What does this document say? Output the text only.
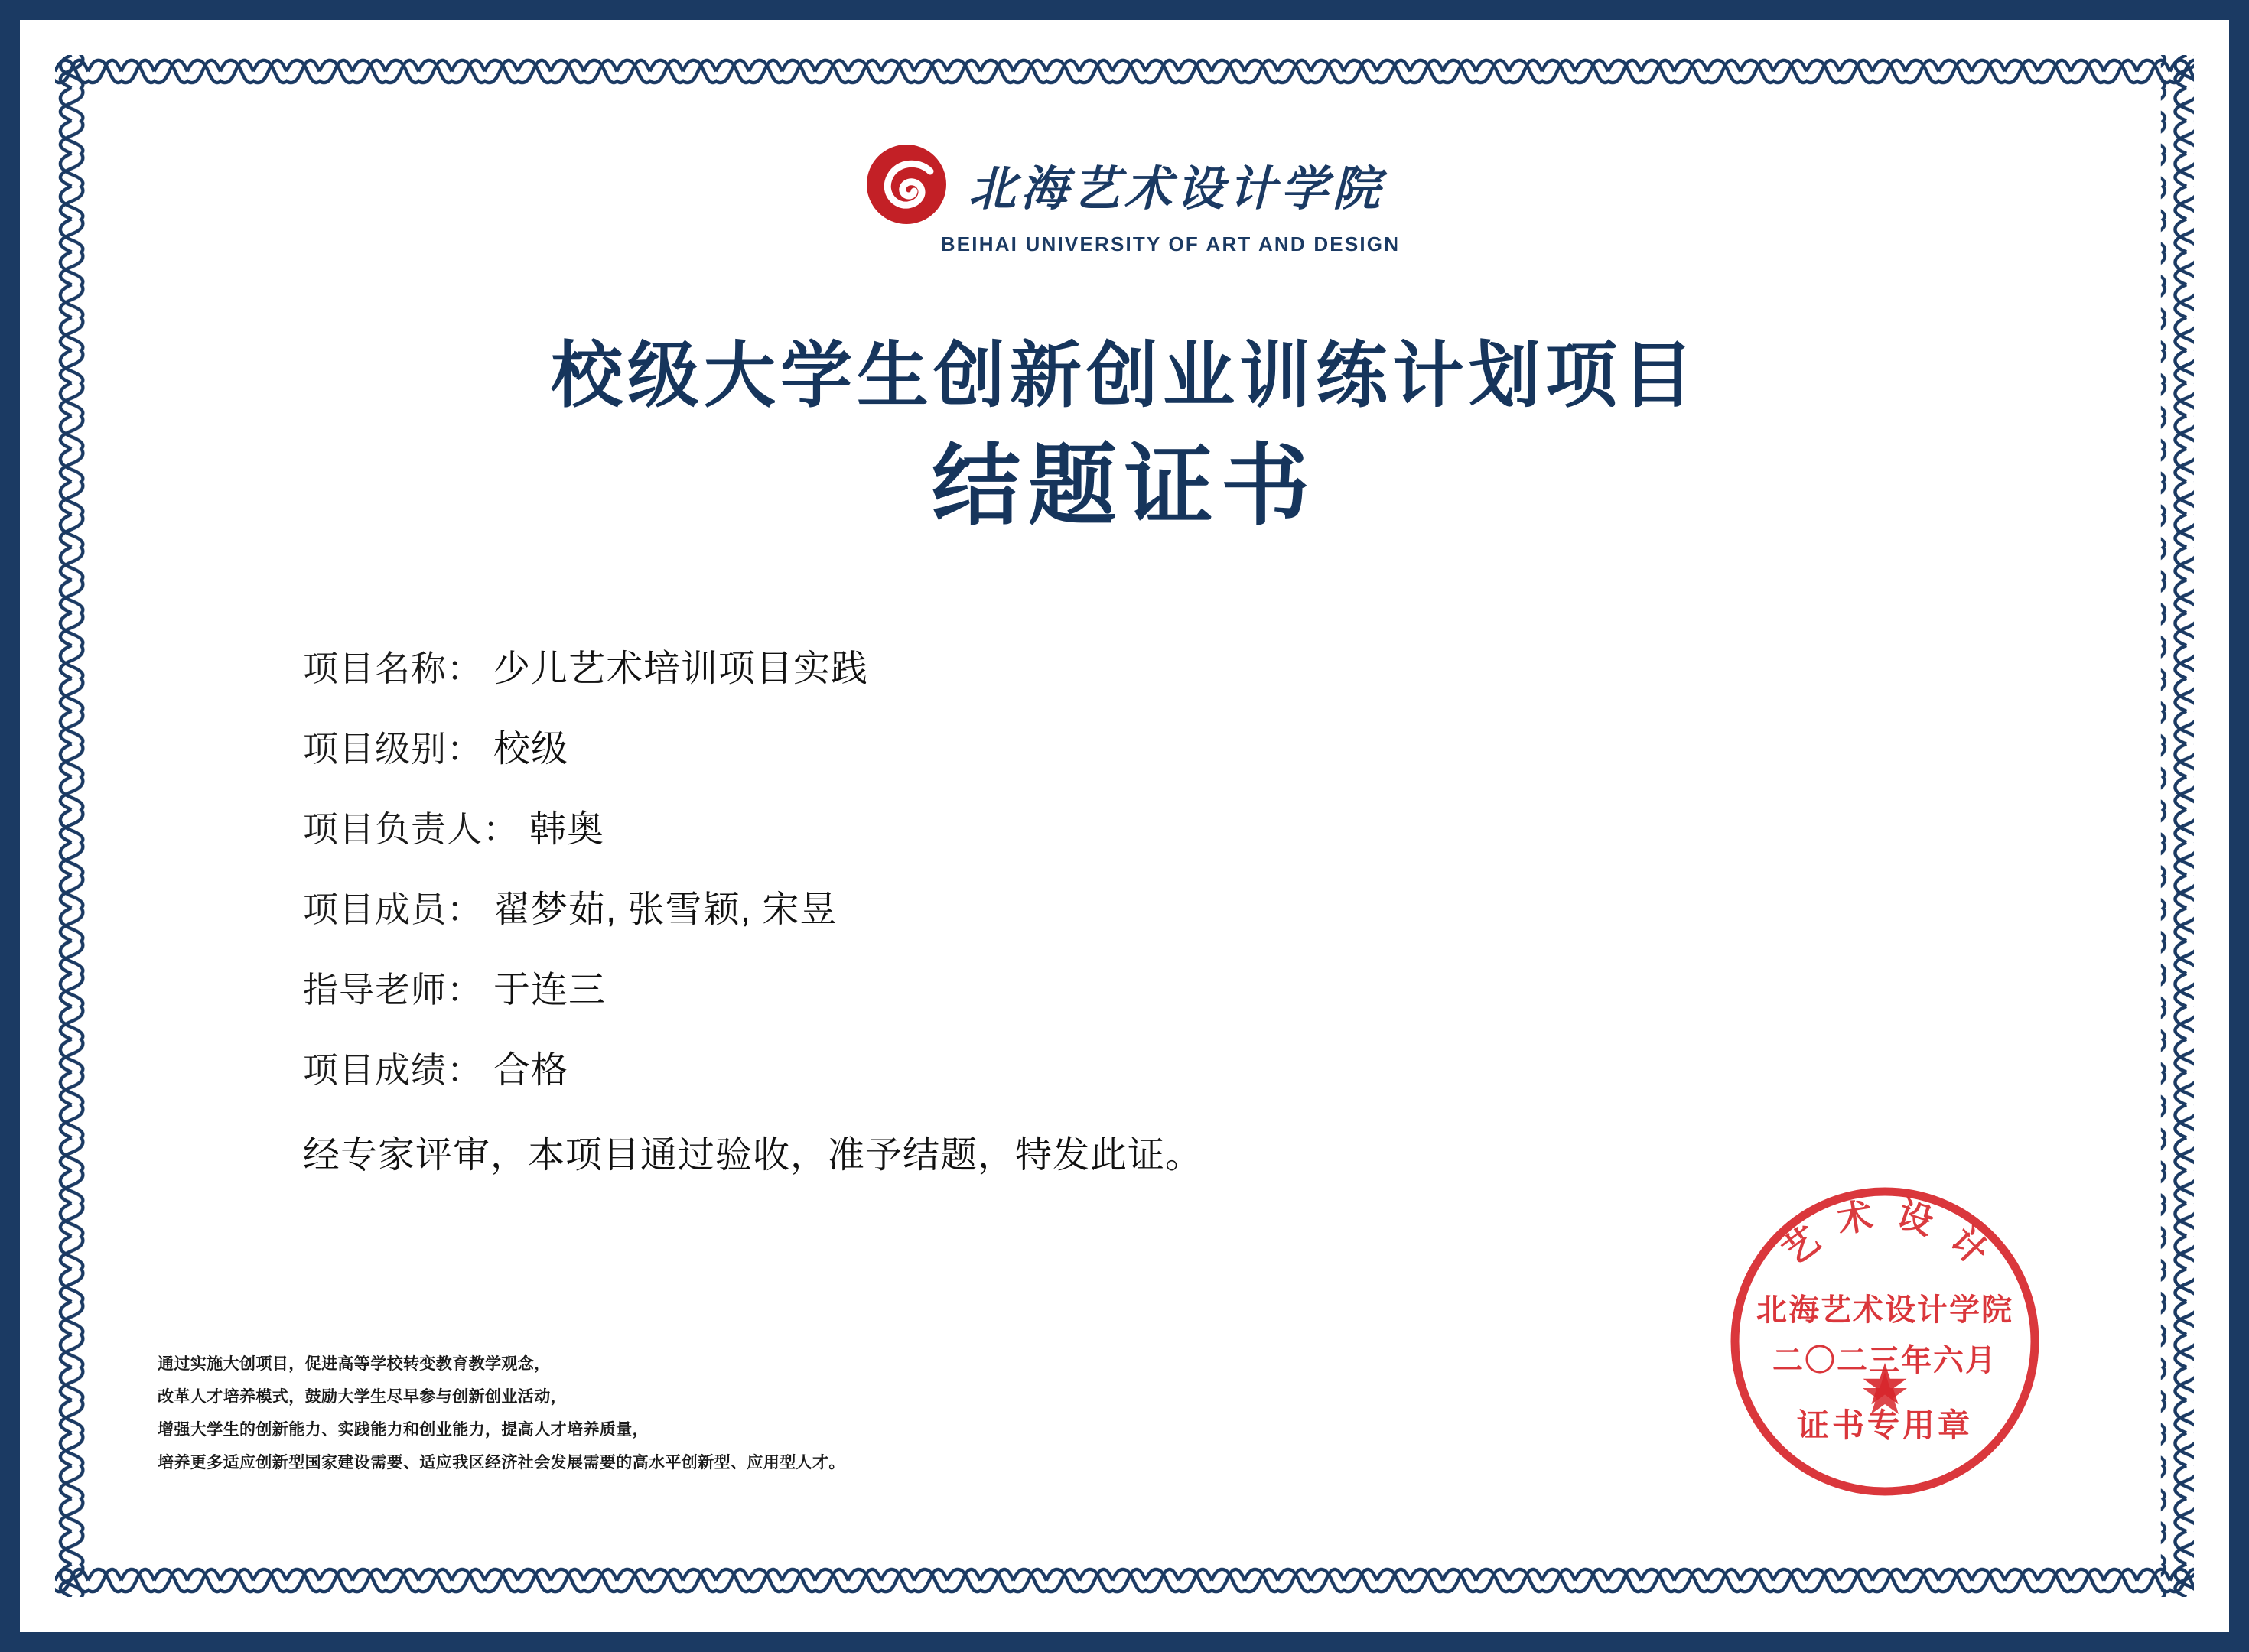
北海艺术设计学院
BEIHAI UNIVERSITY OF ART AND DESIGN
校级大学生创新创业训练计划项目
结题证书
项目名称： 少儿艺术培训项目实践
项目级别： 校级
项目负责人： 韩奥
项目成员： 翟梦茹, 张雪颖, 宋昱
指导老师： 于连三
项目成绩： 合格
经专家评审，本项目通过验收，准予结题，特发此证。
通过实施大创项目，促进高等学校转变教育教学观念，
改革人才培养模式，鼓励大学生尽早参与创新创业活动，
增强大学生的创新能力、实践能力和创业能力，提高人才培养质量，
培养更多适应创新型国家建设需要、适应我区经济社会发展需要的高水平创新型、应用型人才。
艺术设计
北海艺术设计学院
二〇二三年六月
证书专用章
